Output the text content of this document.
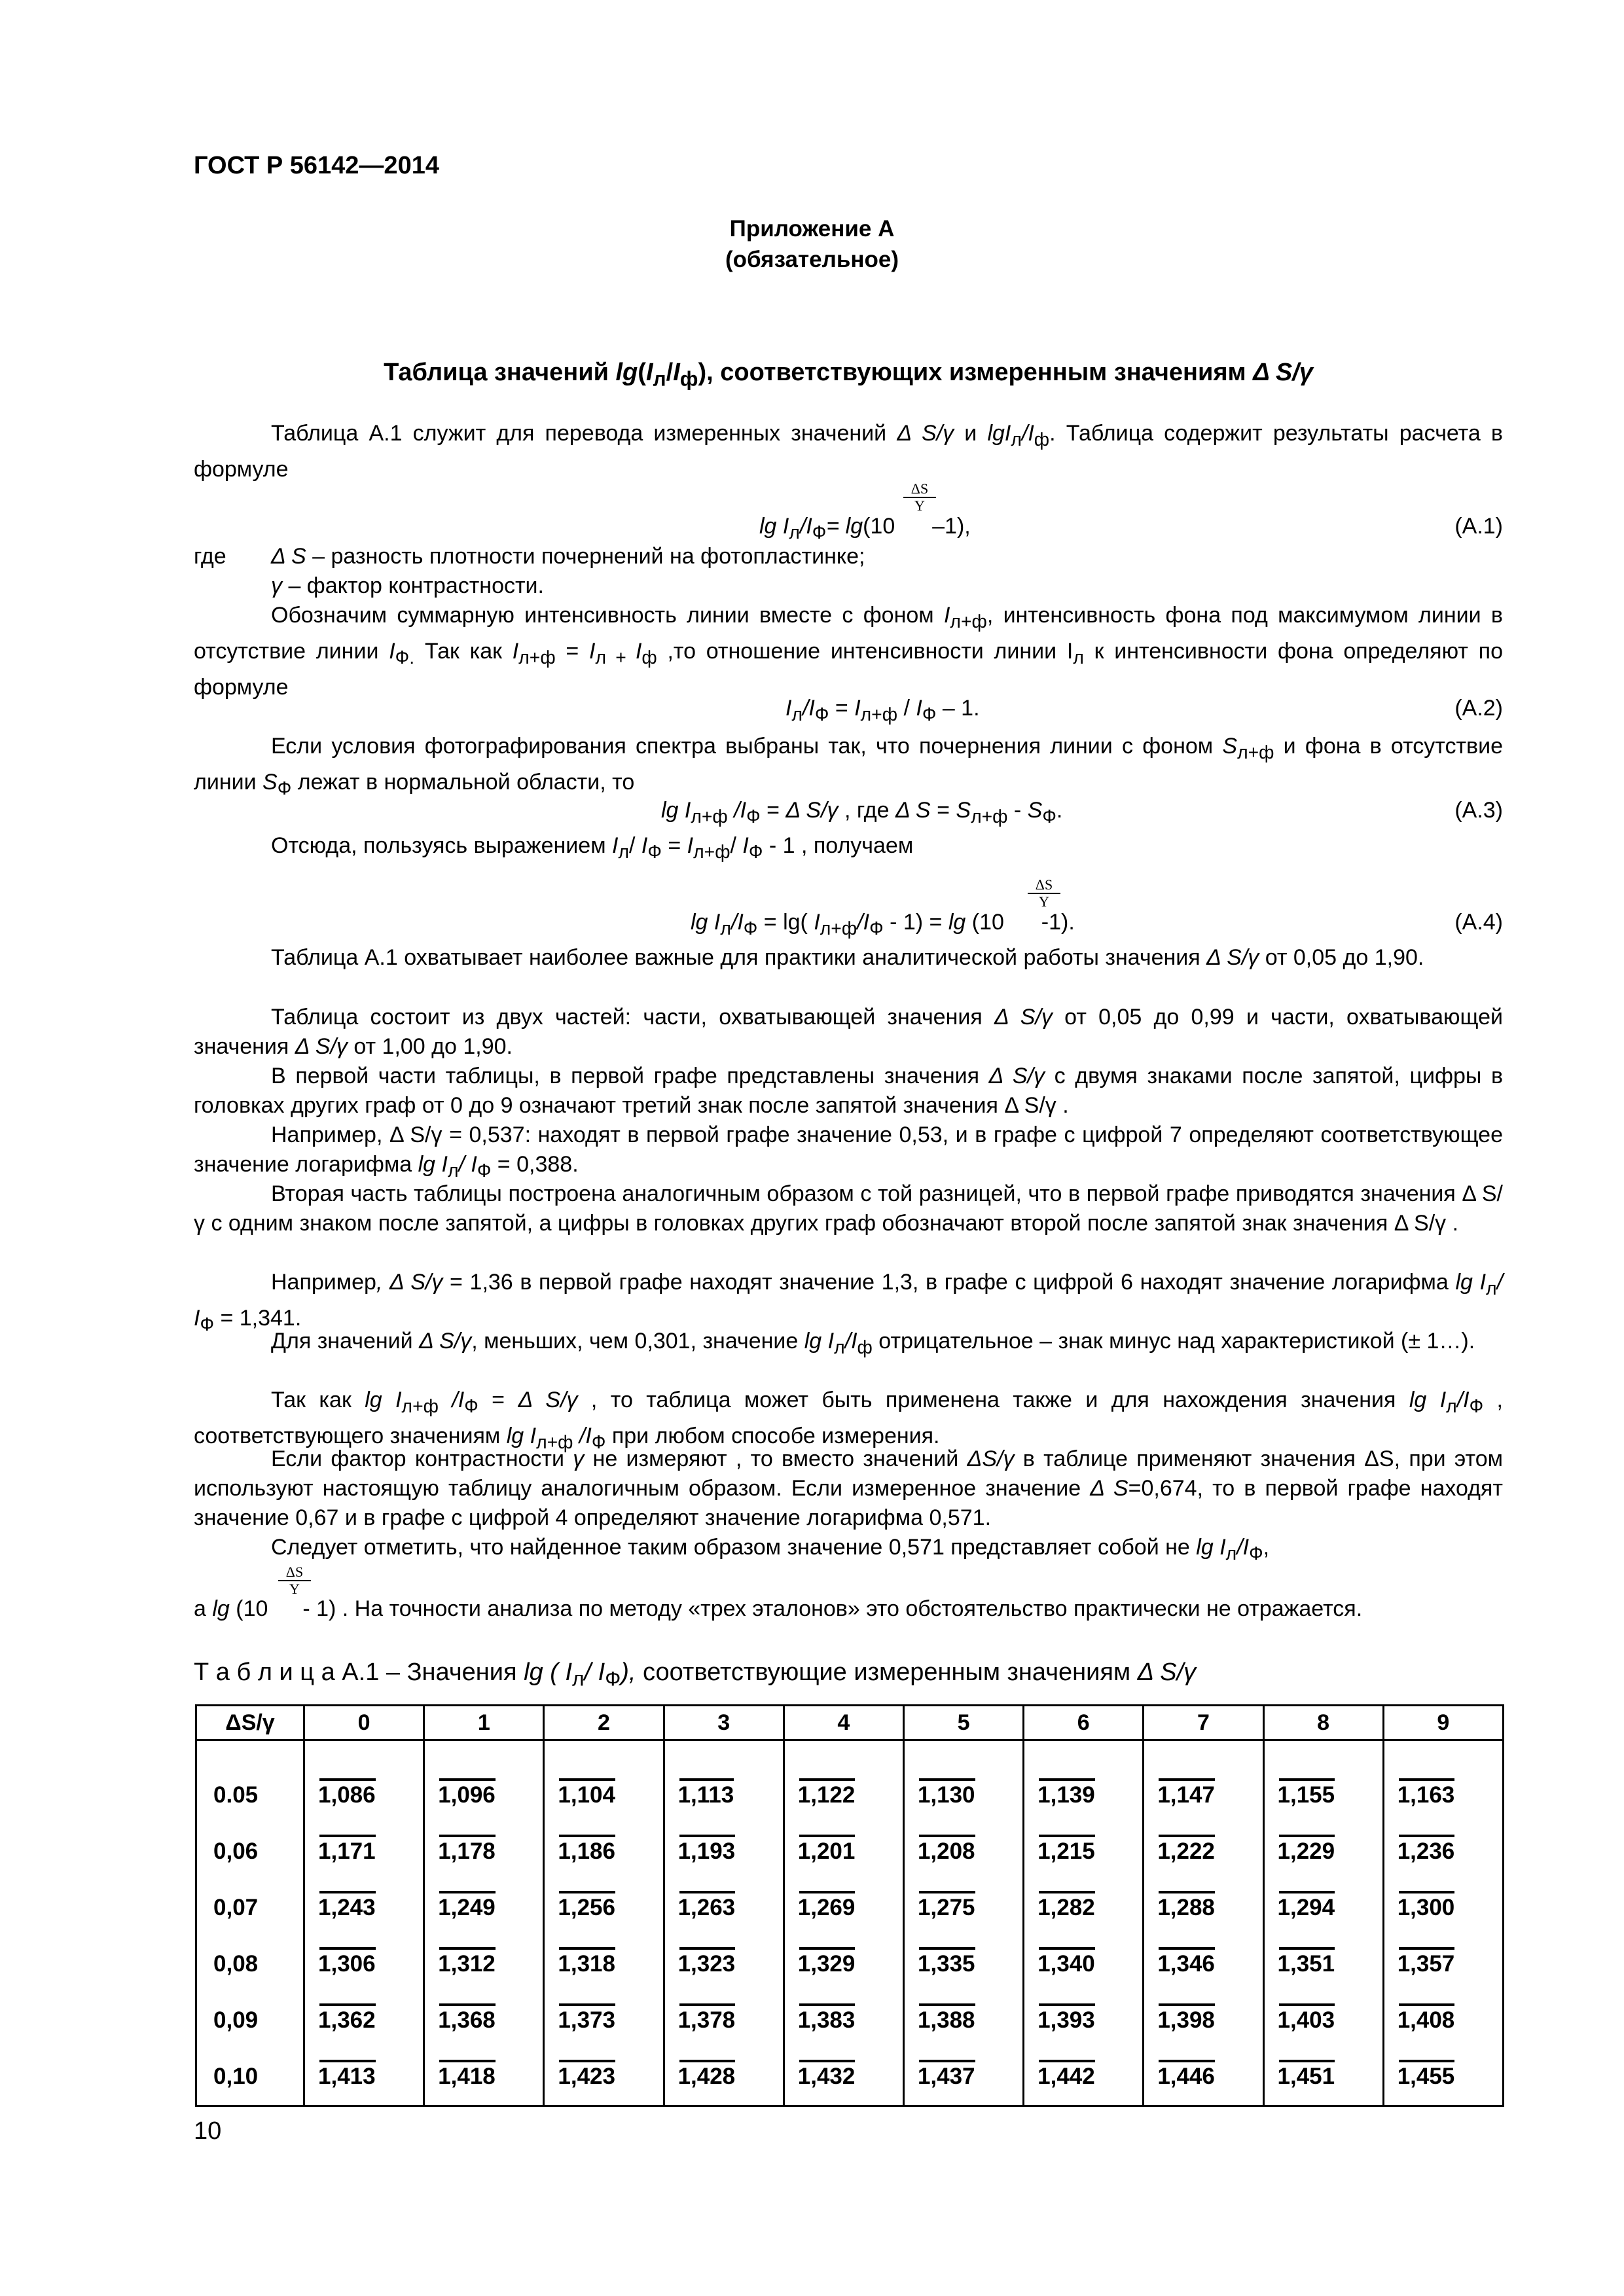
ГОСТ Р 56142—2014
Приложение А
(обязательное)
Таблица значений $\lg(I_л/I_ф)$, соответствующих измеренным значениям Δ S/γ
Таблица А.1 служит для перевода измеренных значений Δ S/γ и $\lg I_л/I_ф$. Таблица содержит результаты расчета в формуле
$\frac{\Delta S}{Y}$
$\lg I_л/I_Ф= \lg(10$  –1),	(А.1)
где	Δ S – разность плотности почернений на фотопластинке;
γ – фактор контрастности.
Обозначим суммарную интенсивность линии вместе с фоном $I_{л+ф}$, интенсивность фона под максимумом линии в отсутствие линии $I_{Ф.}$ Так как $I_{л+ф} = I_{л +}$ $I_ф$ ,то отношение интенсивности линии $I_л$ к интенсивности фона определяют по формуле
$I_л/I_Ф = I_{л+ф} / I_Ф - 1$.	(А.2)
Если условия фотографирования спектра выбраны так, что почернения линии с фоном $S_{л+ф}$ и фона в отсутствие линии $S_Ф$ лежат в нормальной области, то
$\lg I_{л+ф}$ $/I_Ф = \Delta$ S/γ , где Δ $S = S_{л+ф} - S_Ф$.	(А.3)
Отсюда, пользуясь выражением $I_л/$ $I_Ф = I_{л+ф}/$ $I_Ф - 1$ , получаем
$\frac{\Delta S}{Y}$
$\lg I_л/I_Ф = \lg$( $I_{л+ф}/I_Ф - 1) = \lg (10$  -1).	(А.4)
Таблица А.1 охватывает наиболее важные для практики аналитической работы значения Δ S/γ от 0,05 до 1,90.
Таблица состоит из двух частей: части, охватывающей значения Δ S/γ от 0,05 до 0,99 и части, охватывающей значения Δ S/γ от 1,00 до 1,90.
В первой части таблицы, в первой графе представлены значения Δ S/γ с двумя знаками после запятой, цифры в головках других граф от 0 до 9 означают третий знак после запятой значения Δ S/γ .
Например, Δ S/γ = 0,537: находят в первой графе значение 0,53, и в графе с цифрой 7 определяют соответствующее значение логарифма $\lg I_л/$ $I_Ф = 0,388$.
Вторая часть таблицы построена аналогичным образом с той разницей, что в первой графе приводятся значения Δ S/γ с одним знаком после запятой, а цифры в головках других граф обозначают второй после запятой знак значения Δ S/γ .
Например, Δ S/γ = 1,36 в первой графе находят значение 1,3, в графе с цифрой 6 находят значение логарифма $\lg I_л/$ $I_Ф = 1,341$.
Для значений Δ S/γ, меньших, чем 0,301, значение $\lg I_л/I_ф$ отрицательное – знак минус над характеристикой (± 1…).
Так как $\lg I_{л+ф}$ $/I_Ф = \Delta$ S/γ , то таблица может быть применена также и для нахождения значения $\lg I_л/I_Ф$ , соответствующего значениям $\lg I_{л+ф}$ $/I_Ф$ при любом способе измерения.
Если фактор контрастности γ не измеряют , то вместо значений ΔS/γ в таблице применяют значения ΔS, при этом используют настоящую таблицу аналогичным образом. Если измеренное значение Δ S=0,674, то в первой графе находят значение 0,67 и в графе с цифрой 4 определяют значение логарифма 0,571.
Следует отметить, что найденное таким образом значение 0,571 представляет собой не $\lg I_л/I_Ф$,
$\frac{\Delta S}{Y}$
а lg (10  - 1) . На точности анализа по методу «трех эталонов» это обстоятельство практически не отражается.
Т а б л и ц а А.1 – Значения lg ( $I_л/$ $I_Ф$), соответствующие измеренным значениям Δ S/γ
ΔS/γ	0	1	2	3	4	5	6	7	8	9
0.05	1,086	1,096	1,104	1,113	1,122	1,130	1,139	1,147	1,155	1,163
0,06	1,171	1,178	1,186	1,193	1,201	1,208	1,215	1,222	1,229	1,236
0,07	1,243	1,249	1,256	1,263	1,269	1,275	1,282	1,288	1,294	1,300
0,08	1,306	1,312	1,318	1,323	1,329	1,335	1,340	1,346	1,351	1,357
0,09	1,362	1,368	1,373	1,378	1,383	1,388	1,393	1,398	1,403	1,408
0,10	1,413	1,418	1,423	1,428	1,432	1,437	1,442	1,446	1,451	1,455
10
